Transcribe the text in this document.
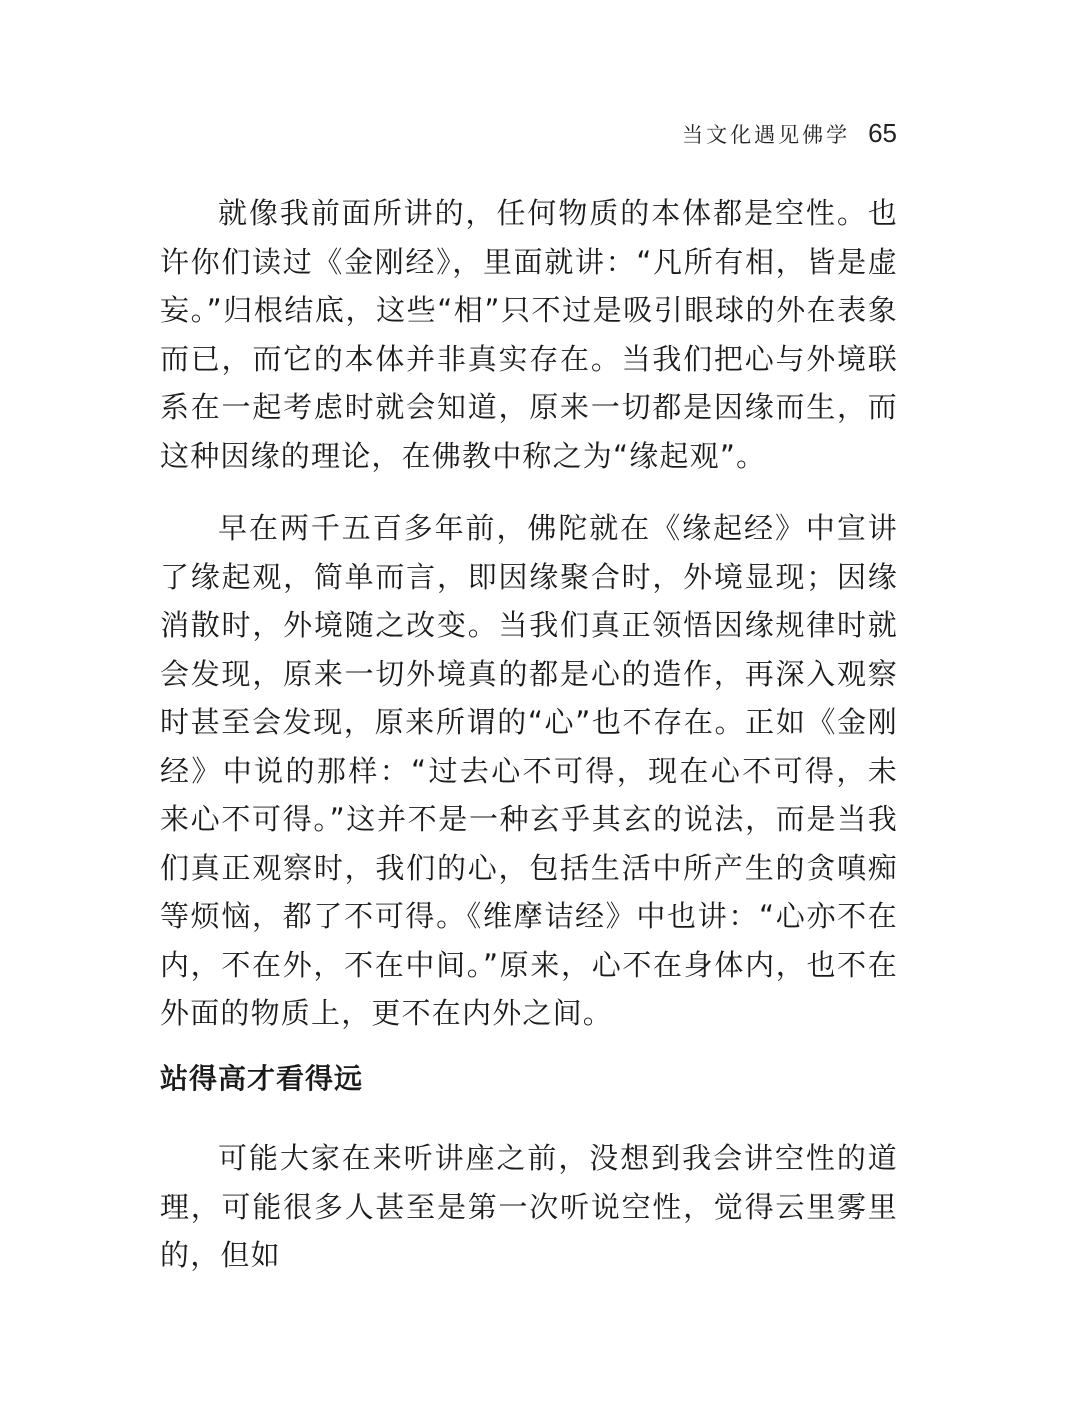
当文化遇见佛学 65

就像我前面所讲的，任何物质的本体都是空性。也许你们读过《金刚经》，里面就讲：“凡所有相，皆是虚妄。”归根结底，这些“相”只不过是吸引眼球的外在表象而已，而它的本体并非真实存在。当我们把心与外境联系在一起考虑时就会知道，原来一切都是因缘而生，而这种因缘的理论，在佛教中称之为“缘起观”。

早在两千五百多年前，佛陀就在《缘起经》中宣讲了缘起观，简单而言，即因缘聚合时，外境显现；因缘消散时，外境随之改变。当我们真正领悟因缘规律时就会发现，原来一切外境真的都是心的造作，再深入观察时甚至会发现，原来所谓的“心”也不存在。正如《金刚经》中说的那样：“过去心不可得，现在心不可得，未来心不可得。”这并不是一种玄乎其玄的说法，而是当我们真正观察时，我们的心，包括生活中所产生的贪嗔痴等烦恼，都了不可得。《维摩诘经》中也讲：“心亦不在内，不在外，不在中间。”原来，心不在身体内，也不在外面的物质上，更不在内外之间。

站得高才看得远

可能大家在来听讲座之前，没想到我会讲空性的道理，可能很多人甚至是第一次听说空性，觉得云里雾里的，但如
